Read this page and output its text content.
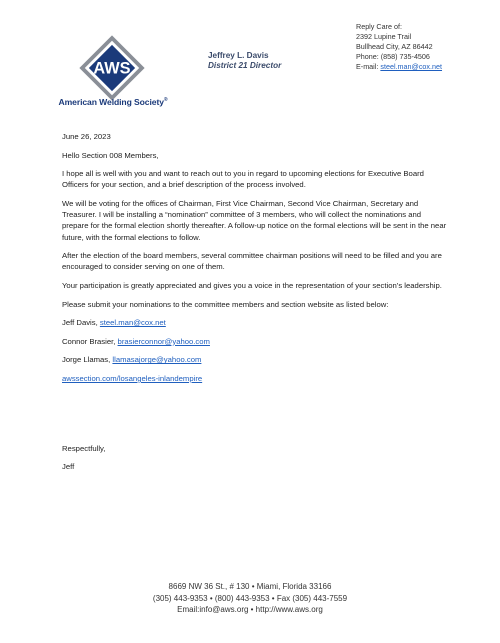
AWS
American Welding Society®
Jeffrey L. Davis
District 21 Director
Reply Care of:
2392 Lupine Trail
Bullhead City, AZ 86442
Phone: (858) 735-4506
E-mail: steel.man@cox.net

June 26, 2023

Hello Section 008 Members,

I hope all is well with you and want to reach out to you in regard to upcoming elections for Executive Board Officers for your section, and a brief description of the process involved.

We will be voting for the offices of Chairman, First Vice Chairman, Second Vice Chairman, Secretary and Treasurer. I will be installing a “nomination” committee of 3 members, who will collect the nominations and prepare for the formal election shortly thereafter. A follow-up notice on the formal elections will be sent in the near future, with the formal elections to follow.

After the election of the board members, several committee chairman positions will need to be filled and you are encouraged to consider serving on one of them.

Your participation is greatly appreciated and gives you a voice in the representation of your section’s leadership.

Please submit your nominations to the committee members and section website as listed below:

Jeff Davis, steel.man@cox.net

Connor Brasier, brasierconnor@yahoo.com

Jorge Llamas, llamasajorge@yahoo.com

awssection.com/losangeles-inlandempire

Respectfully,

Jeff

8669 NW 36 St., # 130 • Miami, Florida 33166
(305) 443-9353 • (800) 443-9353 • Fax (305) 443-7559
Email:info@aws.org • http://www.aws.org
